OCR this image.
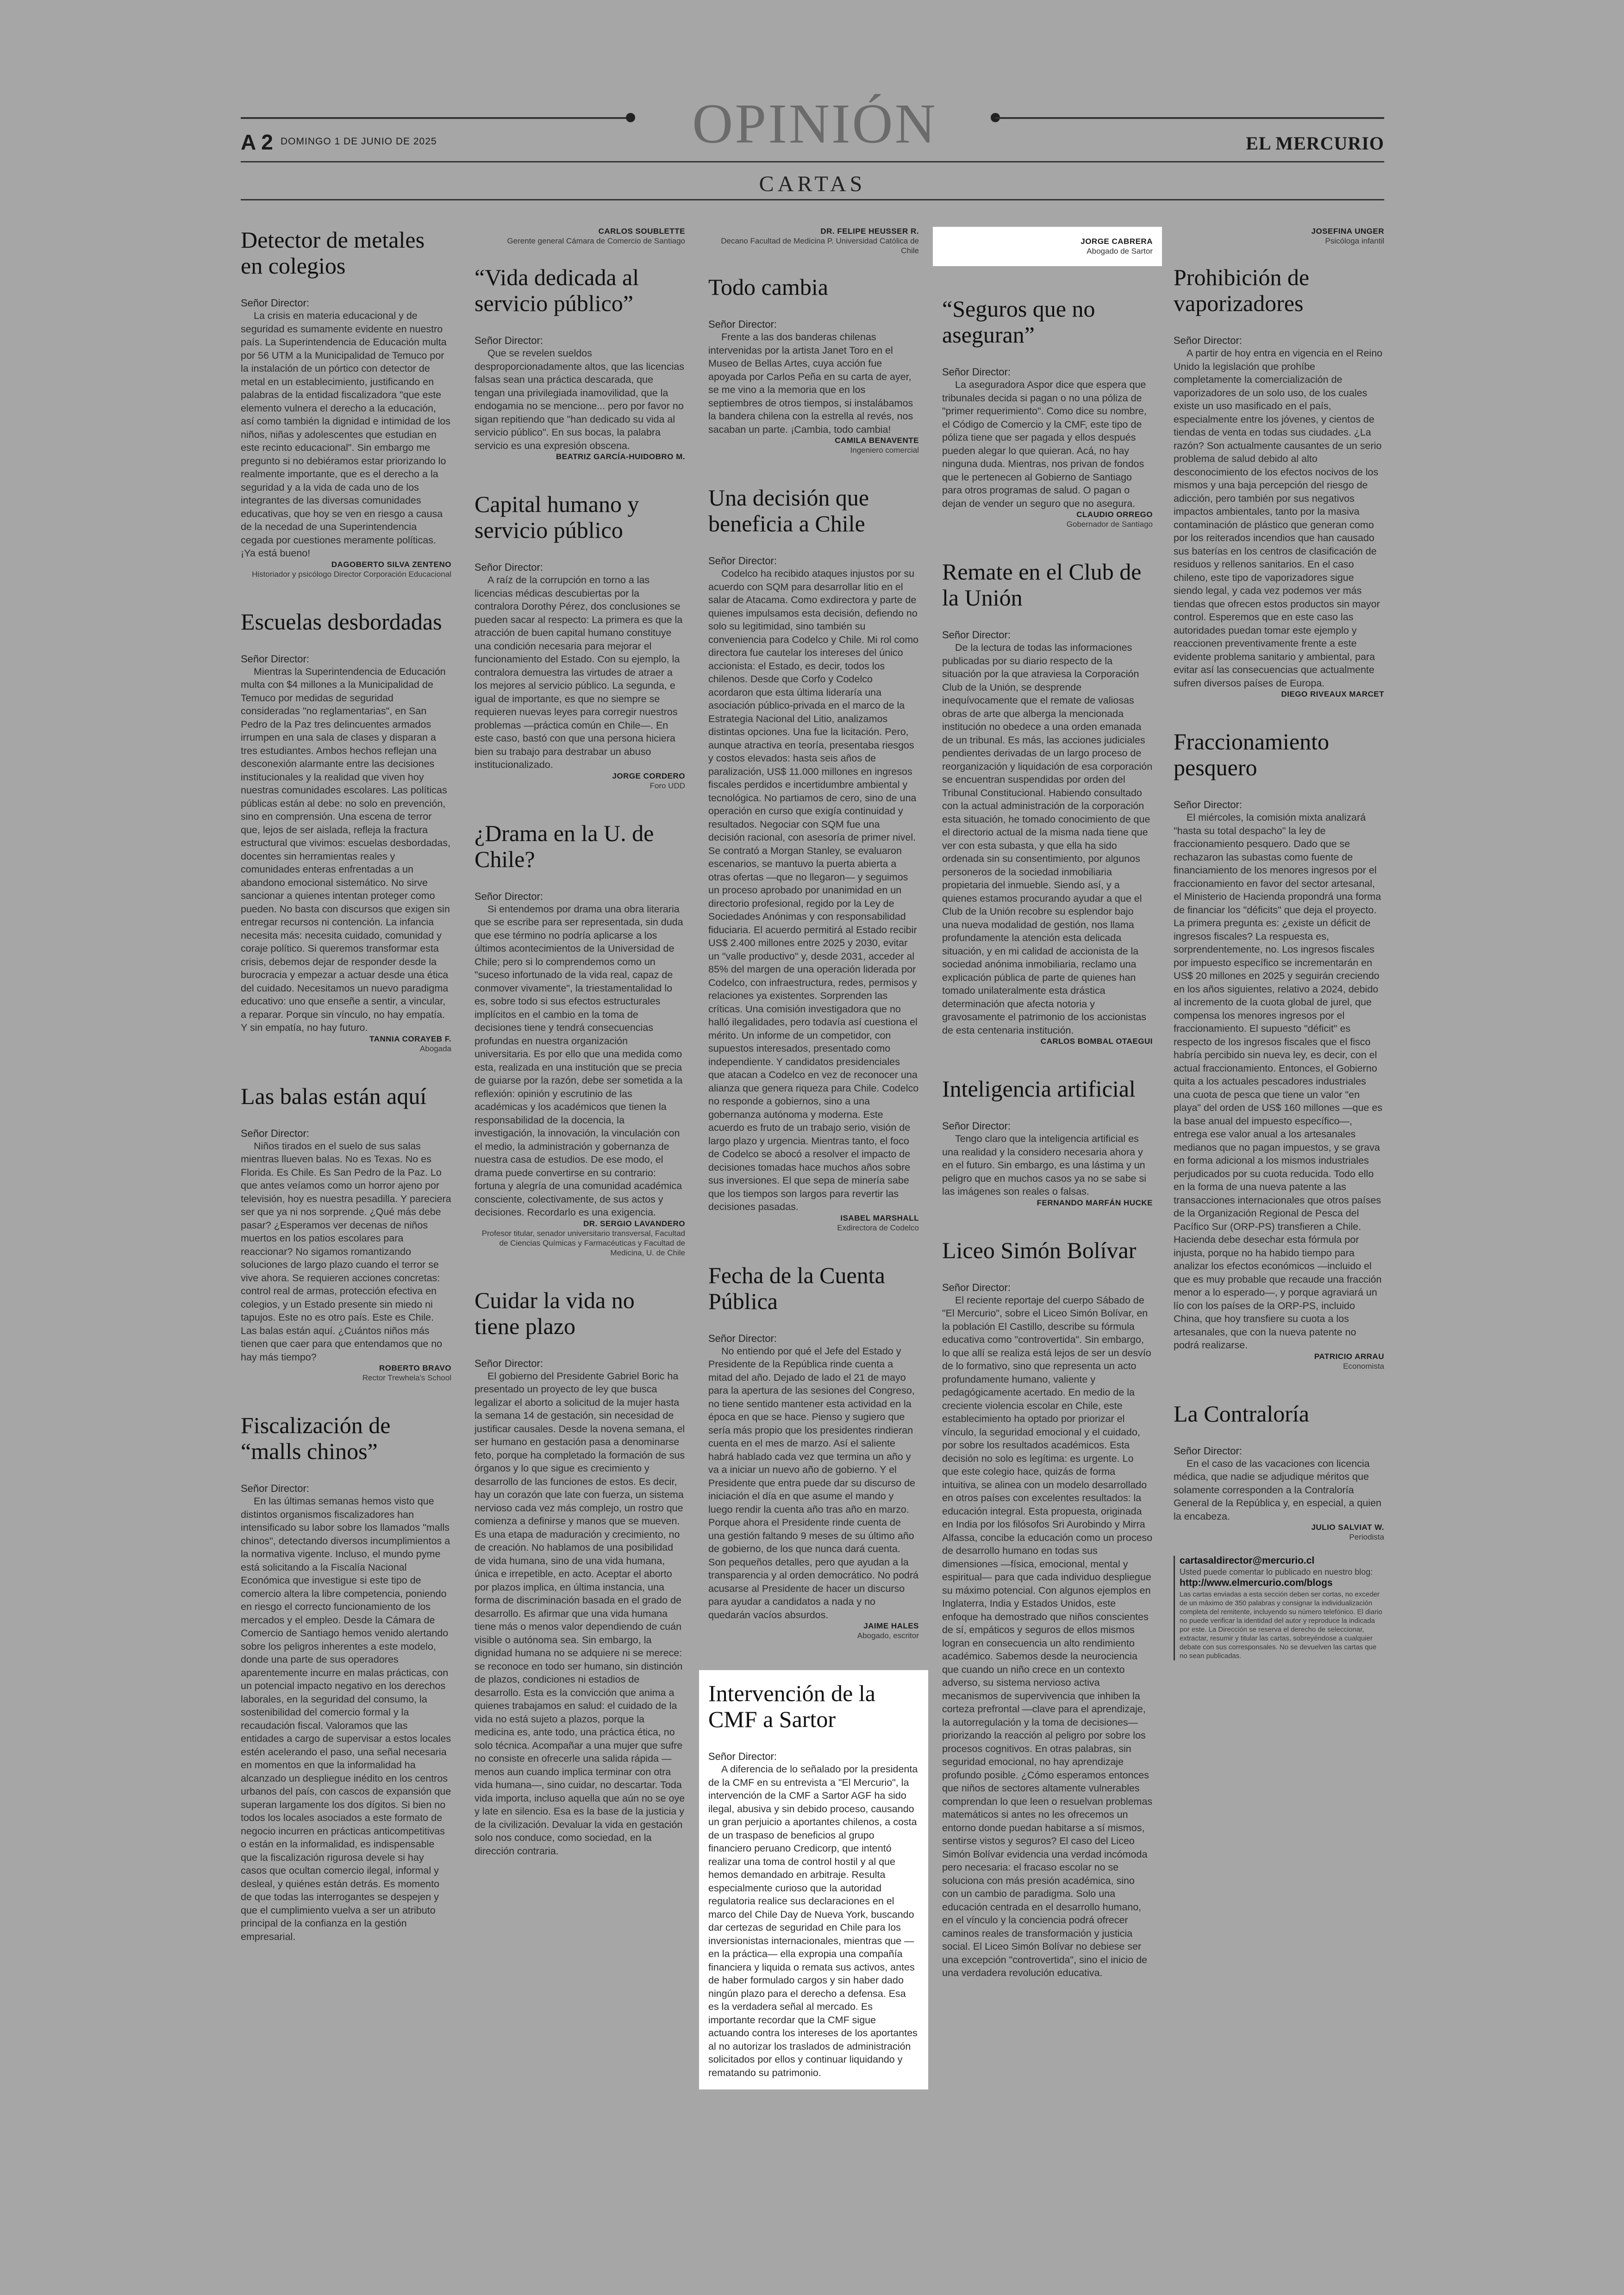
OPINIÓN
A 2 DOMINGO 1 DE JUNIO DE 2025	EL MERCURIO
CARTAS
Detector de metales en colegios

Señor Director:

La crisis en materia educacional y de seguridad es sumamente evidente en nuestro país. La Superintendencia de Educación multa por 56 UTM a la Municipalidad de Temuco por la instalación de un pórtico con detector de metal en un establecimiento, justificando en palabras de la entidad fiscalizadora "que este elemento vulnera el derecho a la educación, así como también la dignidad e intimidad de los niños, niñas y adolescentes que estudian en este recinto educacional". Sin embargo me pregunto si no debiéramos estar priorizando lo realmente importante, que es el derecho a la seguridad y a la vida de cada uno de los integrantes de las diversas comunidades educativas, que hoy se ven en riesgo a causa de la necedad de una Superintendencia cegada por cuestiones meramente políticas. ¡Ya está bueno!

DAGOBERTO SILVA ZENTENO

Historiador y psicólogo Director Corporación Educacional

Escuelas desbordadas

Señor Director:

Mientras la Superintendencia de Educación multa con $4 millones a la Municipalidad de Temuco por medidas de seguridad consideradas "no reglamentarias", en San Pedro de la Paz tres delincuentes armados irrumpen en una sala de clases y disparan a tres estudiantes. Ambos hechos reflejan una desconexión alarmante entre las decisiones institucionales y la realidad que viven hoy nuestras comunidades escolares. Las políticas públicas están al debe: no solo en prevención, sino en comprensión. Una escena de terror que, lejos de ser aislada, refleja la fractura estructural que vivimos: escuelas desbordadas, docentes sin herramientas reales y comunidades enteras enfrentadas a un abandono emocional sistemático. No sirve sancionar a quienes intentan proteger como pueden. No basta con discursos que exigen sin entregar recursos ni contención. La infancia necesita más: necesita cuidado, comunidad y coraje político. Si queremos transformar esta crisis, debemos dejar de responder desde la burocracia y empezar a actuar desde una ética del cuidado. Necesitamos un nuevo paradigma educativo: uno que enseñe a sentir, a vincular, a reparar. Porque sin vínculo, no hay empatía. Y sin empatía, no hay futuro.

TANNIA CORAYEB F.

Abogada

Las balas están aquí

Señor Director:

Niños tirados en el suelo de sus salas mientras llueven balas. No es Texas. No es Florida. Es Chile. Es San Pedro de la Paz. Lo que antes veíamos como un horror ajeno por televisión, hoy es nuestra pesadilla. Y pareciera ser que ya ni nos sorprende. ¿Qué más debe pasar? ¿Esperamos ver decenas de niños muertos en los patios escolares para reaccionar? No sigamos romantizando soluciones de largo plazo cuando el terror se vive ahora. Se requieren acciones concretas: control real de armas, protección efectiva en colegios, y un Estado presente sin miedo ni tapujos. Este no es otro país. Este es Chile. Las balas están aquí. ¿Cuántos niños más tienen que caer para que entendamos que no hay más tiempo?

ROBERTO BRAVO

Rector Trewhela's School

Fiscalización de “malls chinos”

Señor Director:

En las últimas semanas hemos visto que distintos organismos fiscalizadores han intensificado su labor sobre los llamados "malls chinos", detectando diversos incumplimientos a la normativa vigente. Incluso, el mundo pyme está solicitando a la Fiscalía Nacional Económica que investigue si este tipo de comercio altera la libre competencia, poniendo en riesgo el correcto funcionamiento de los mercados y el empleo. Desde la Cámara de Comercio de Santiago hemos venido alertando sobre los peligros inherentes a este modelo, donde una parte de sus operadores aparentemente incurre en malas prácticas, con un potencial impacto negativo en los derechos laborales, en la seguridad del consumo, la sostenibilidad del comercio formal y la recaudación fiscal. Valoramos que las entidades a cargo de supervisar a estos locales estén acelerando el paso, una señal necesaria en momentos en que la informalidad ha alcanzado un despliegue inédito en los centros urbanos del país, con cascos de expansión que superan largamente los dos dígitos. Si bien no todos los locales asociados a este formato de negocio incurren en prácticas anticompetitivas o están en la informalidad, es indispensable que la fiscalización rigurosa devele si hay casos que ocultan comercio ilegal, informal y desleal, y quiénes están detrás. Es momento de que todas las interrogantes se despejen y que el cumplimiento vuelva a ser un atributo principal de la confianza en la gestión empresarial.

CARLOS SOUBLETTE

Gerente general Cámara de Comercio de Santiago

“Vida dedicada al servicio público”

Señor Director:

Que se revelen sueldos desproporcionadamente altos, que las licencias falsas sean una práctica descarada, que tengan una privilegiada inamovilidad, que la endogamia no se mencione... pero por favor no sigan repitiendo que "han dedicado su vida al servicio público". En sus bocas, la palabra servicio es una expresión obscena.

BEATRIZ GARCÍA-HUIDOBRO M.

Capital humano y servicio público

Señor Director:

A raíz de la corrupción en torno a las licencias médicas descubiertas por la contralora Dorothy Pérez, dos conclusiones se pueden sacar al respecto: La primera es que la atracción de buen capital humano constituye una condición necesaria para mejorar el funcionamiento del Estado. Con su ejemplo, la contralora demuestra las virtudes de atraer a los mejores al servicio público. La segunda, e igual de importante, es que no siempre se requieren nuevas leyes para corregir nuestros problemas —práctica común en Chile—. En este caso, bastó con que una persona hiciera bien su trabajo para destrabar un abuso institucionalizado.

JORGE CORDERO

Foro UDD

¿Drama en la U. de Chile?

Señor Director:

Si entendemos por drama una obra literaria que se escribe para ser representada, sin duda que ese término no podría aplicarse a los últimos acontecimientos de la Universidad de Chile; pero si lo comprendemos como un "suceso infortunado de la vida real, capaz de conmover vivamente", la triestamentalidad lo es, sobre todo si sus efectos estructurales implícitos en el cambio en la toma de decisiones tiene y tendrá consecuencias profundas en nuestra organización universitaria. Es por ello que una medida como esta, realizada en una institución que se precia de guiarse por la razón, debe ser sometida a la reflexión: opinión y escrutinio de las académicas y los académicos que tienen la responsabilidad de la docencia, la investigación, la innovación, la vinculación con el medio, la administración y gobernanza de nuestra casa de estudios. De ese modo, el drama puede convertirse en su contrario: fortuna y alegría de una comunidad académica consciente, colectivamente, de sus actos y decisiones. Recordarlo es una exigencia.

DR. SERGIO LAVANDERO

Profesor titular, senador universitario transversal, Facultad de Ciencias Químicas y Farmacéuticas y Facultad de Medicina, U. de Chile

Cuidar la vida no tiene plazo

Señor Director:

El gobierno del Presidente Gabriel Boric ha presentado un proyecto de ley que busca legalizar el aborto a solicitud de la mujer hasta la semana 14 de gestación, sin necesidad de justificar causales. Desde la novena semana, el ser humano en gestación pasa a denominarse feto, porque ha completado la formación de sus órganos y lo que sigue es crecimiento y desarrollo de las funciones de estos. Es decir, hay un corazón que late con fuerza, un sistema nervioso cada vez más complejo, un rostro que comienza a definirse y manos que se mueven. Es una etapa de maduración y crecimiento, no de creación. No hablamos de una posibilidad de vida humana, sino de una vida humana, única e irrepetible, en acto. Aceptar el aborto por plazos implica, en última instancia, una forma de discriminación basada en el grado de desarrollo. Es afirmar que una vida humana tiene más o menos valor dependiendo de cuán visible o autónoma sea. Sin embargo, la dignidad humana no se adquiere ni se merece: se reconoce en todo ser humano, sin distinción de plazos, condiciones ni estadios de desarrollo. Esta es la convicción que anima a quienes trabajamos en salud: el cuidado de la vida no está sujeto a plazos, porque la medicina es, ante todo, una práctica ética, no solo técnica. Acompañar a una mujer que sufre no consiste en ofrecerle una salida rápida —menos aun cuando implica terminar con otra vida humana—, sino cuidar, no descartar. Toda vida importa, incluso aquella que aún no se oye y late en silencio. Esa es la base de la justicia y de la civilización. Devaluar la vida en gestación solo nos conduce, como sociedad, en la dirección contraria.

DR. FELIPE HEUSSER R.

Decano Facultad de Medicina P. Universidad Católica de Chile

Todo cambia

Señor Director:

Frente a las dos banderas chilenas intervenidas por la artista Janet Toro en el Museo de Bellas Artes, cuya acción fue apoyada por Carlos Peña en su carta de ayer, se me vino a la memoria que en los septiembres de otros tiempos, si instalábamos la bandera chilena con la estrella al revés, nos sacaban un parte. ¡Cambia, todo cambia!

CAMILA BENAVENTE

Ingeniero comercial

Una decisión que beneficia a Chile

Señor Director:

Codelco ha recibido ataques injustos por su acuerdo con SQM para desarrollar litio en el salar de Atacama. Como exdirectora y parte de quienes impulsamos esta decisión, defiendo no solo su legitimidad, sino también su conveniencia para Codelco y Chile. Mi rol como directora fue cautelar los intereses del único accionista: el Estado, es decir, todos los chilenos. Desde que Corfo y Codelco acordaron que esta última lideraría una asociación público-privada en el marco de la Estrategia Nacional del Litio, analizamos distintas opciones. Una fue la licitación. Pero, aunque atractiva en teoría, presentaba riesgos y costos elevados: hasta seis años de paralización, US$ 11.000 millones en ingresos fiscales perdidos e incertidumbre ambiental y tecnológica. No partiamos de cero, sino de una operación en curso que exigía continuidad y resultados. Negociar con SQM fue una decisión racional, con asesoría de primer nivel. Se contrató a Morgan Stanley, se evaluaron escenarios, se mantuvo la puerta abierta a otras ofertas —que no llegaron— y seguimos un proceso aprobado por unanimidad en un directorio profesional, regido por la Ley de Sociedades Anónimas y con responsabilidad fiduciaria. El acuerdo permitirá al Estado recibir US$ 2.400 millones entre 2025 y 2030, evitar un "valle productivo" y, desde 2031, acceder al 85% del margen de una operación liderada por Codelco, con infraestructura, redes, permisos y relaciones ya existentes. Sorprenden las críticas. Una comisión investigadora que no halló ilegalidades, pero todavía así cuestiona el mérito. Un informe de un competidor, con supuestos interesados, presentado como independiente. Y candidatos presidenciales que atacan a Codelco en vez de reconocer una alianza que genera riqueza para Chile. Codelco no responde a gobiernos, sino a una gobernanza autónoma y moderna. Este acuerdo es fruto de un trabajo serio, visión de largo plazo y urgencia. Mientras tanto, el foco de Codelco se abocó a resolver el impacto de decisiones tomadas hace muchos años sobre sus inversiones. El que sepa de minería sabe que los tiempos son largos para revertir las decisiones pasadas.

ISABEL MARSHALL

Exdirectora de Codelco

Fecha de la Cuenta Pública

Señor Director:

No entiendo por qué el Jefe del Estado y Presidente de la República rinde cuenta a mitad del año. Dejado de lado el 21 de mayo para la apertura de las sesiones del Congreso, no tiene sentido mantener esta actividad en la época en que se hace. Pienso y sugiero que sería más propio que los presidentes rindieran cuenta en el mes de marzo. Así el saliente habrá hablado cada vez que termina un año y va a iniciar un nuevo año de gobierno. Y el Presidente que entra puede dar su discurso de iniciación el día en que asume el mando y luego rendir la cuenta año tras año en marzo. Porque ahora el Presidente rinde cuenta de una gestión faltando 9 meses de su último año de gobierno, de los que nunca dará cuenta. Son pequeños detalles, pero que ayudan a la transparencia y al orden democrático. No podrá acusarse al Presidente de hacer un discurso para ayudar a candidatos a nada y no quedarán vacíos absurdos.

JAIME HALES

Abogado, escritor

Intervención de la CMF a Sartor

Señor Director:

A diferencia de lo señalado por la presidenta de la CMF en su entrevista a "El Mercurio", la intervención de la CMF a Sartor AGF ha sido ilegal, abusiva y sin debido proceso, causando un gran perjuicio a aportantes chilenos, a costa de un traspaso de beneficios al grupo financiero peruano Credicorp, que intentó realizar una toma de control hostil y al que hemos demandado en arbitraje. Resulta especialmente curioso que la autoridad regulatoria realice sus declaraciones en el marco del Chile Day de Nueva York, buscando dar certezas de seguridad en Chile para los inversionistas internacionales, mientras que —en la práctica— ella expropia una compañía financiera y liquida o remata sus activos, antes de haber formulado cargos y sin haber dado ningún plazo para el derecho a defensa. Esa es la verdadera señal al mercado. Es importante recordar que la CMF sigue actuando contra los intereses de los aportantes al no autorizar los traslados de administración solicitados por ellos y continuar liquidando y rematando su patrimonio.

JORGE CABRERA

Abogado de Sartor

“Seguros que no aseguran”

Señor Director:

La aseguradora Aspor dice que espera que tribunales decida si pagan o no una póliza de "primer requerimiento". Como dice su nombre, el Código de Comercio y la CMF, este tipo de póliza tiene que ser pagada y ellos después pueden alegar lo que quieran. Acá, no hay ninguna duda. Mientras, nos privan de fondos que le pertenecen al Gobierno de Santiago para otros programas de salud. O pagan o dejan de vender un seguro que no asegura.

CLAUDIO ORREGO

Gobernador de Santiago

Remate en el Club de la Unión

Señor Director:

De la lectura de todas las informaciones publicadas por su diario respecto de la situación por la que atraviesa la Corporación Club de la Unión, se desprende inequívocamente que el remate de valiosas obras de arte que alberga la mencionada institución no obedece a una orden emanada de un tribunal. Es más, las acciones judiciales pendientes derivadas de un largo proceso de reorganización y liquidación de esa corporación se encuentran suspendidas por orden del Tribunal Constitucional. Habiendo consultado con la actual administración de la corporación esta situación, he tomado conocimiento de que el directorio actual de la misma nada tiene que ver con esta subasta, y que ella ha sido ordenada sin su consentimiento, por algunos personeros de la sociedad inmobiliaria propietaria del inmueble. Siendo así, y a quienes estamos procurando ayudar a que el Club de la Unión recobre su esplendor bajo una nueva modalidad de gestión, nos llama profundamente la atención esta delicada situación, y en mi calidad de accionista de la sociedad anónima inmobiliaria, reclamo una explicación pública de parte de quienes han tomado unilateralmente esta drástica determinación que afecta notoria y gravosamente el patrimonio de los accionistas de esta centenaria institución.

CARLOS BOMBAL OTAEGUI

Inteligencia artificial

Señor Director:

Tengo claro que la inteligencia artificial es una realidad y la considero necesaria ahora y en el futuro. Sin embargo, es una lástima y un peligro que en muchos casos ya no se sabe si las imágenes son reales o falsas.

FERNANDO MARFÁN HUCKE

Liceo Simón Bolívar

Señor Director:

El reciente reportaje del cuerpo Sábado de "El Mercurio", sobre el Liceo Simón Bolívar, en la población El Castillo, describe su fórmula educativa como "controvertida". Sin embargo, lo que allí se realiza está lejos de ser un desvío de lo formativo, sino que representa un acto profundamente humano, valiente y pedagógicamente acertado. En medio de la creciente violencia escolar en Chile, este establecimiento ha optado por priorizar el vínculo, la seguridad emocional y el cuidado, por sobre los resultados académicos. Esta decisión no solo es legítima: es urgente. Lo que este colegio hace, quizás de forma intuitiva, se alinea con un modelo desarrollado en otros países con excelentes resultados: la educación integral. Esta propuesta, originada en India por los filósofos Sri Aurobindo y Mirra Alfassa, concibe la educación como un proceso de desarrollo humano en todas sus dimensiones —física, emocional, mental y espiritual— para que cada individuo despliegue su máximo potencial. Con algunos ejemplos en Inglaterra, India y Estados Unidos, este enfoque ha demostrado que niños conscientes de sí, empáticos y seguros de ellos mismos logran en consecuencia un alto rendimiento académico. Sabemos desde la neurociencia que cuando un niño crece en un contexto adverso, su sistema nervioso activa mecanismos de supervivencia que inhiben la corteza prefrontal —clave para el aprendizaje, la autorregulación y la toma de decisiones— priorizando la reacción al peligro por sobre los procesos cognitivos. En otras palabras, sin seguridad emocional, no hay aprendizaje profundo posible. ¿Cómo esperamos entonces que niños de sectores altamente vulnerables comprendan lo que leen o resuelvan problemas matemáticos si antes no les ofrecemos un entorno donde puedan habitarse a sí mismos, sentirse vistos y seguros? El caso del Liceo Simón Bolívar evidencia una verdad incómoda pero necesaria: el fracaso escolar no se soluciona con más presión académica, sino con un cambio de paradigma. Solo una educación centrada en el desarrollo humano, en el vínculo y la conciencia podrá ofrecer caminos reales de transformación y justicia social. El Liceo Simón Bolívar no debiese ser una excepción "controvertida", sino el inicio de una verdadera revolución educativa.

JOSEFINA UNGER

Psicóloga infantil

Prohibición de vaporizadores

Señor Director:

A partir de hoy entra en vigencia en el Reino Unido la legislación que prohíbe completamente la comercialización de vaporizadores de un solo uso, de los cuales existe un uso masificado en el país, especialmente entre los jóvenes, y cientos de tiendas de venta en todas sus ciudades. ¿La razón? Son actualmente causantes de un serio problema de salud debido al alto desconocimiento de los efectos nocivos de los mismos y una baja percepción del riesgo de adicción, pero también por sus negativos impactos ambientales, tanto por la masiva contaminación de plástico que generan como por los reiterados incendios que han causado sus baterías en los centros de clasificación de residuos y rellenos sanitarios. En el caso chileno, este tipo de vaporizadores sigue siendo legal, y cada vez podemos ver más tiendas que ofrecen estos productos sin mayor control. Esperemos que en este caso las autoridades puedan tomar este ejemplo y reaccionen preventivamente frente a este evidente problema sanitario y ambiental, para evitar así las consecuencias que actualmente sufren diversos países de Europa.

DIEGO RIVEAUX MARCET

Fraccionamiento pesquero

Señor Director:

El miércoles, la comisión mixta analizará "hasta su total despacho" la ley de fraccionamiento pesquero. Dado que se rechazaron las subastas como fuente de financiamiento de los menores ingresos por el fraccionamiento en favor del sector artesanal, el Ministerio de Hacienda propondrá una forma de financiar los "déficits" que deja el proyecto. La primera pregunta es: ¿existe un déficit de ingresos fiscales? La respuesta es, sorprendentemente, no. Los ingresos fiscales por impuesto específico se incrementarán en US$ 20 millones en 2025 y seguirán creciendo en los años siguientes, relativo a 2024, debido al incremento de la cuota global de jurel, que compensa los menores ingresos por el fraccionamiento. El supuesto "déficit" es respecto de los ingresos fiscales que el fisco habría percibido sin nueva ley, es decir, con el actual fraccionamiento. Entonces, el Gobierno quita a los actuales pescadores industriales una cuota de pesca que tiene un valor "en playa" del orden de US$ 160 millones —que es la base anual del impuesto específico—, entrega ese valor anual a los artesanales medianos que no pagan impuestos, y se grava en forma adicional a los mismos industriales perjudicados por su cuota reducida. Todo ello en la forma de una nueva patente a las transacciones internacionales que otros países de la Organización Regional de Pesca del Pacífico Sur (ORP-PS) transfieren a Chile. Hacienda debe desechar esta fórmula por injusta, porque no ha habido tiempo para analizar los efectos económicos —incluido el que es muy probable que recaude una fracción menor a lo esperado—, y porque agraviará un lío con los países de la ORP-PS, incluido China, que hoy transfiere su cuota a los artesanales, que con la nueva patente no podrá realizarse.

PATRICIO ARRAU

Economista

La Contraloría

Señor Director:

En el caso de las vacaciones con licencia médica, que nadie se adjudique méritos que solamente corresponden a la Contraloría General de la República y, en especial, a quien la encabeza.

JULIO SALVIAT W.

Periodista

cartasaldirector@mercurio.cl

Usted puede comentar lo publicado en nuestro blog:

http://www.elmercurio.com/blogs

Las cartas enviadas a esta sección deben ser cortas, no exceder de un máximo de 350 palabras y consignar la individualización completa del remitente, incluyendo su número telefónico. El diario no puede verificar la identidad del autor y reproduce la indicada por este. La Dirección se reserva el derecho de seleccionar, extractar, resumir y titular las cartas, sobreyéndose a cualquier debate con sus corresponsales. No se devuelven las cartas que no sean publicadas.
